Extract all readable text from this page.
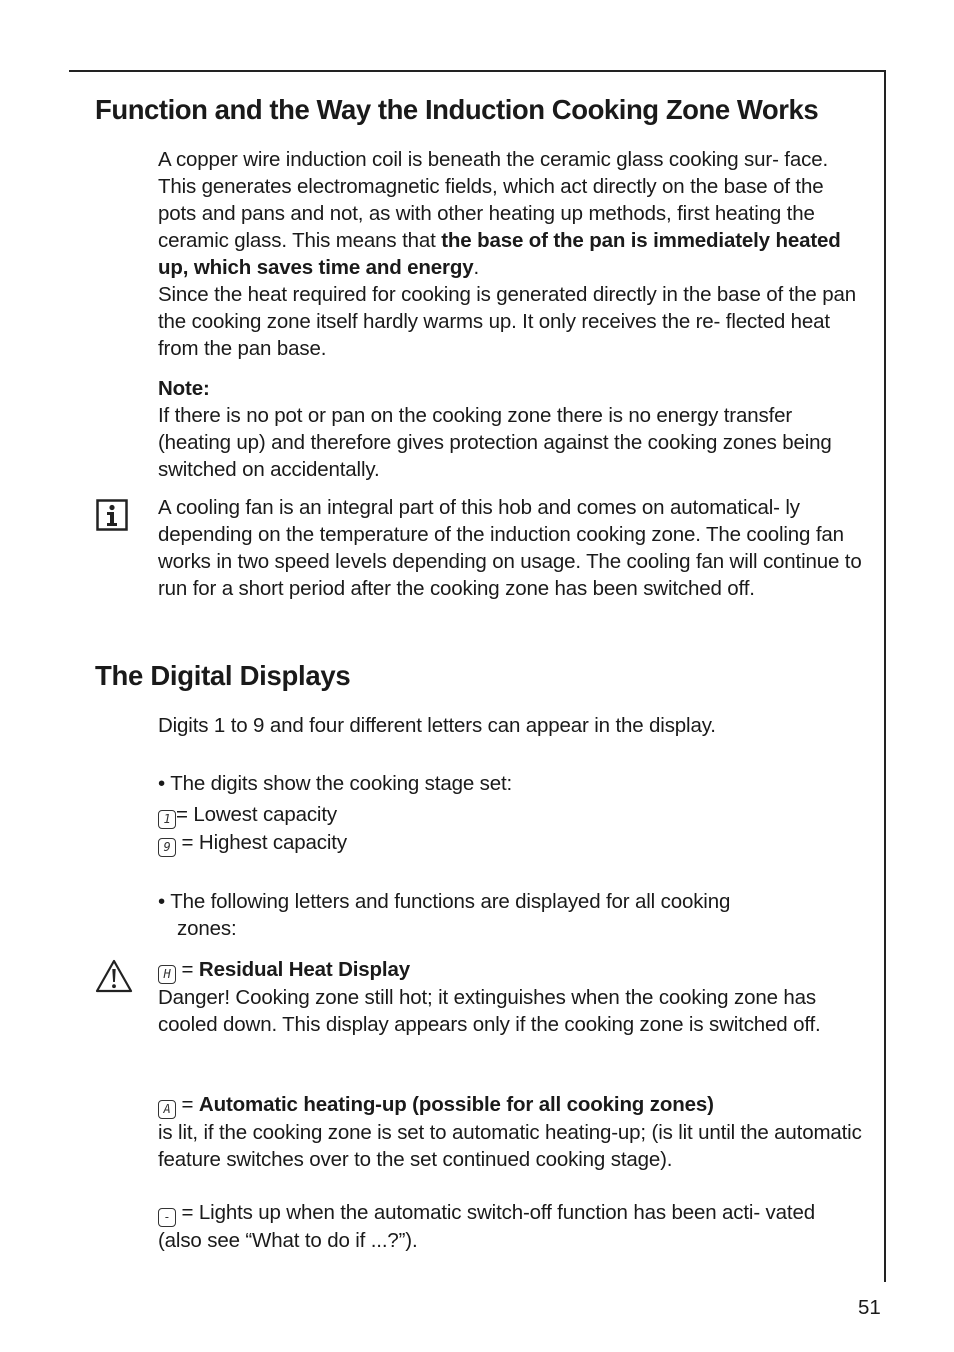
Function and the Way the Induction Cooking Zone Works

A copper wire induction coil is beneath the ceramic glass cooking sur- face. This generates electromagnetic fields, which act directly on the base of the pots and pans and not, as with other heating up methods, first heating the ceramic glass. This means that the base of the pan is immediately heated up, which saves time and energy.

Since the heat required for cooking is generated directly in the base of the pan the cooking zone itself hardly warms up. It only receives the re- flected heat from the pan base.

Note:

If there is no pot or pan on the cooking zone there is no energy transfer (heating up) and therefore gives protection against the cooking zones being switched on accidentally.

A cooling fan is an integral part of this hob and comes on automatical- ly depending on the temperature of the induction cooking zone. The cooling fan works in two speed levels depending on usage. The cooling fan will continue to run for a short period after the cooking zone has been switched off.

The Digital Displays

Digits 1 to 9 and four different letters can appear in the display.

• The digits show the cooking stage set:

1 = Lowest capacity

9 = Highest capacity

• The following letters and functions are displayed for all cooking

zones:

H = Residual Heat Display

Danger! Cooking zone still hot; it extinguishes when the cooking zone has cooled down. This display appears only if the cooking zone is switched off.

A = Automatic heating-up (possible for all cooking zones)

is lit, if the cooking zone is set to automatic heating-up; (is lit until the automatic feature switches over to the set continued cooking stage).

- = Lights up when the automatic switch-off function has been acti- vated (also see “What to do if ...?”).

51
